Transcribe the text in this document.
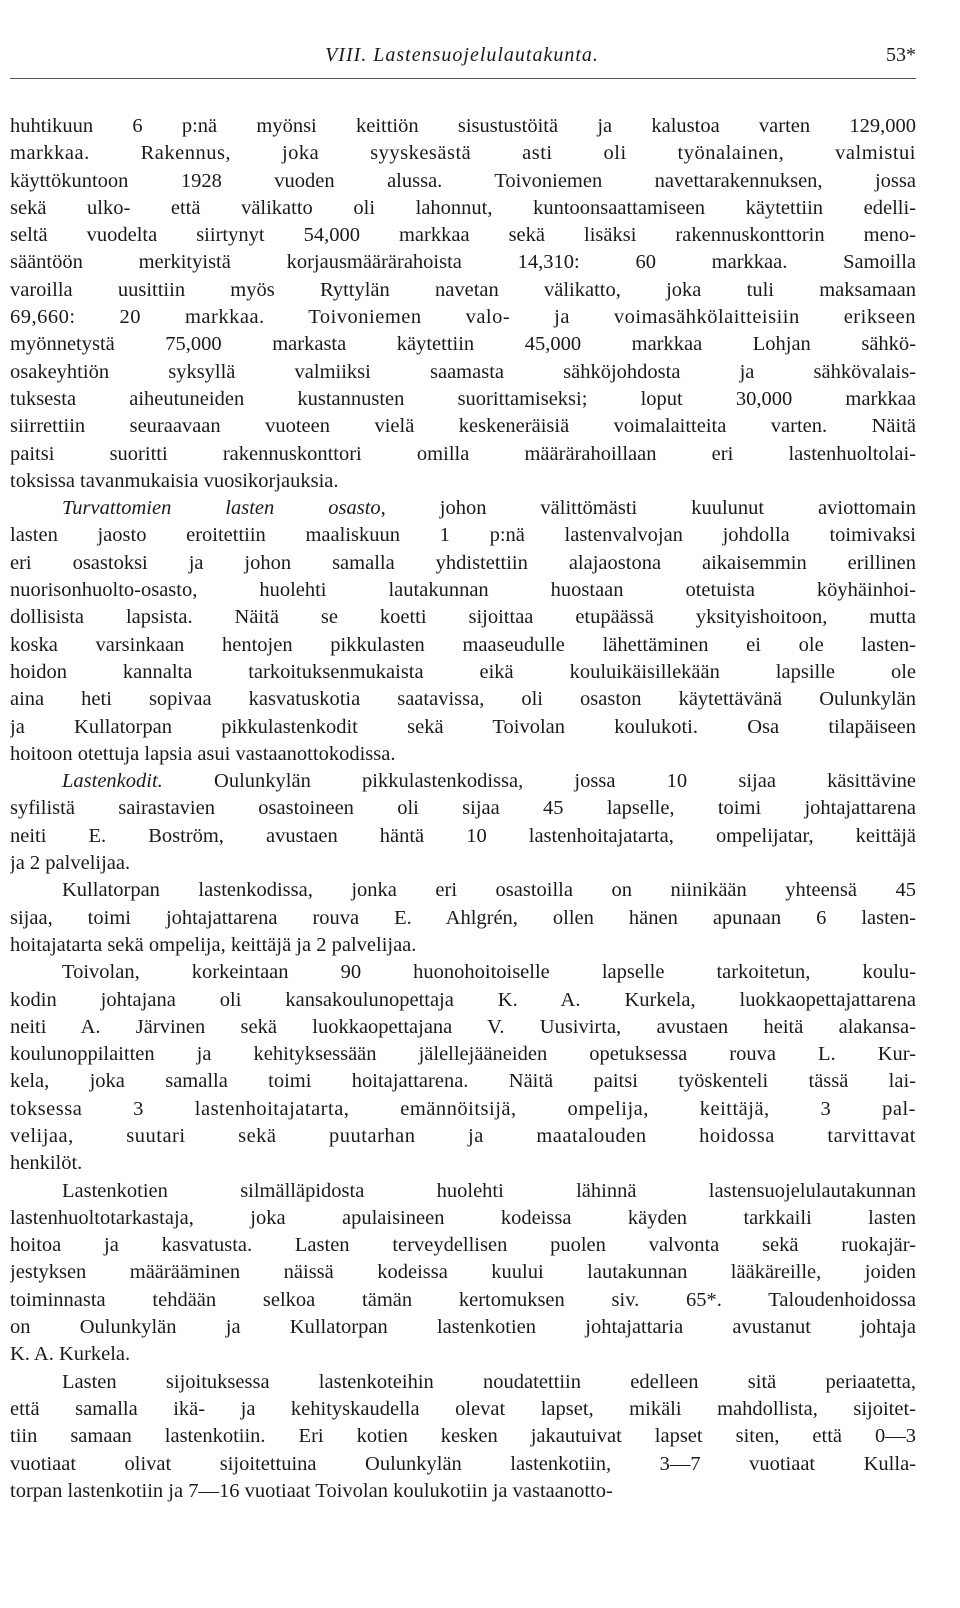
VIII. Lastensuojelulautakunta.	53*
huhtikuun 6 p:nä myönsi keittiön sisustustöitä ja kalustoa varten 129,000
markkaa. Rakennus, joka syyskesästä asti oli työnalainen, valmistui
käyttökuntoon 1928 vuoden alussa. Toivoniemen navettarakennuksen, jossa
sekä ulko- että välikatto oli lahonnut, kuntoonsaattamiseen käytettiin edelli-
seltä vuodelta siirtynyt 54,000 markkaa sekä lisäksi rakennuskonttorin meno-
sääntöön merkityistä korjausmäärärahoista 14,310: 60 markkaa. Samoilla
varoilla uusittiin myös Ryttylän navetan välikatto, joka tuli maksamaan
69,660: 20 markkaa. Toivoniemen valo- ja voimasähkölaitteisiin erikseen
myönnetystä 75,000 markasta käytettiin 45,000 markkaa Lohjan sähkö-
osakeyhtiön syksyllä valmiiksi saamasta sähköjohdosta ja sähkövalais-
tuksesta aiheutuneiden kustannusten suorittamiseksi; loput 30,000 markkaa
siirrettiin seuraavaan vuoteen vielä keskeneräisiä voimalaitteita varten. Näitä
paitsi suoritti rakennuskonttori omilla määrärahoillaan eri lastenhuoltolai-
toksissa tavanmukaisia vuosikorjauksia.
Turvattomien lasten osasto, johon välittömästi kuulunut aviottomain
lasten jaosto eroitettiin maaliskuun 1 p:nä lastenvalvojan johdolla toimivaksi
eri osastoksi ja johon samalla yhdistettiin alajaostona aikaisemmin erillinen
nuorisonhuolto-osasto, huolehti lautakunnan huostaan otetuista köyhäinhoi-
dollisista lapsista. Näitä se koetti sijoittaa etupäässä yksityishoitoon, mutta
koska varsinkaan hentojen pikkulasten maaseudulle lähettäminen ei ole lasten-
hoidon kannalta tarkoituksenmukaista eikä kouluikäisillekään lapsille ole
aina heti sopivaa kasvatuskotia saatavissa, oli osaston käytettävänä Oulunkylän
ja Kullatorpan pikkulastenkodit sekä Toivolan koulukoti. Osa tilapäiseen
hoitoon otettuja lapsia asui vastaanottokodissa.
Lastenkodit. Oulunkylän pikkulastenkodissa, jossa 10 sijaa käsittävine
syfilistä sairastavien osastoineen oli sijaa 45 lapselle, toimi johtajattarena
neiti E. Boström, avustaen häntä 10 lastenhoitajatarta, ompelijatar, keittäjä
ja 2 palvelijaa.
Kullatorpan lastenkodissa, jonka eri osastoilla on niinikään yhteensä 45
sijaa, toimi johtajattarena rouva E. Ahlgrén, ollen hänen apunaan 6 lasten-
hoitajatarta sekä ompelija, keittäjä ja 2 palvelijaa.
Toivolan, korkeintaan 90 huonohoitoiselle lapselle tarkoitetun, koulu-
kodin johtajana oli kansakoulunopettaja K. A. Kurkela, luokkaopettajattarena
neiti A. Järvinen sekä luokkaopettajana V. Uusivirta, avustaen heitä alakansa-
koulunoppilaitten ja kehityksessään jälellejääneiden opetuksessa rouva L. Kur-
kela, joka samalla toimi hoitajattarena. Näitä paitsi työskenteli tässä lai-
toksessa 3 lastenhoitajatarta, emännöitsijä, ompelija, keittäjä, 3 pal-
velijaa, suutari sekä puutarhan ja maatalouden hoidossa tarvittavat
henkilöt.
Lastenkotien silmälläpidosta huolehti lähinnä lastensuojelulautakunnan
lastenhuoltotarkastaja, joka apulaisineen kodeissa käyden tarkkaili lasten
hoitoa ja kasvatusta. Lasten terveydellisen puolen valvonta sekä ruokajär-
jestyksen määrääminen näissä kodeissa kuului lautakunnan lääkäreille, joiden
toiminnasta tehdään selkoa tämän kertomuksen siv. 65*. Taloudenhoidossa
on Oulunkylän ja Kullatorpan lastenkotien johtajattaria avustanut johtaja
K. A. Kurkela.
Lasten sijoituksessa lastenkoteihin noudatettiin edelleen sitä periaatetta,
että samalla ikä- ja kehityskaudella olevat lapset, mikäli mahdollista, sijoitet-
tiin samaan lastenkotiin. Eri kotien kesken jakautuivat lapset siten, että 0—3
vuotiaat olivat sijoitettuina Oulunkylän lastenkotiin, 3—7 vuotiaat Kulla-
torpan lastenkotiin ja 7—16 vuotiaat Toivolan koulukotiin ja vastaanotto-
